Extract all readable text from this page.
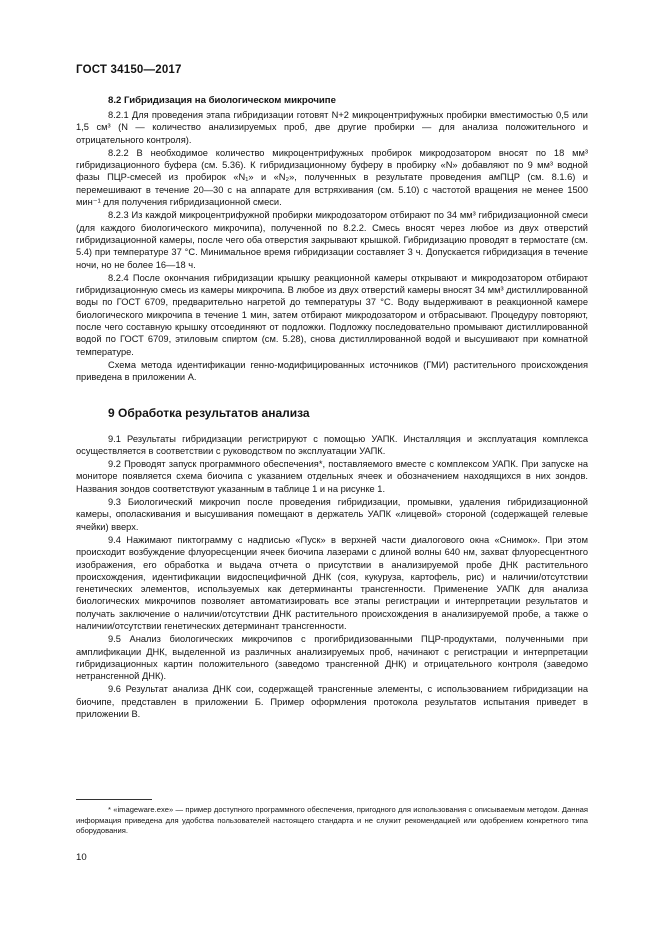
ГОСТ 34150—2017
8.2 Гибридизация на биологическом микрочипе

8.2.1 Для проведения этапа гибридизации готовят N+2 микроцентрифужных пробирки вместимостью 0,5 или 1,5 см³ (N — количество анализируемых проб, две другие пробирки — для анализа положительного и отрицательного контроля).

8.2.2 В необходимое количество микроцентрифужных пробирок микродозатором вносят по 18 мм³ гибридизационного буфера (см. 5.36). К гибридизационному буферу в пробирку «N» добавляют по 9 мм³ водной фазы ПЦР-смесей из пробирок «N₁» и «N₂», полученных в результате проведения амПЦР (см. 8.1.6) и перемешивают в течение 20—30 с на аппарате для встряхивания (см. 5.10) с частотой вращения не менее 1500 мин⁻¹ для получения гибридизационной смеси.

8.2.3 Из каждой микроцентрифужной пробирки микродозатором отбирают по 34 мм³ гибридизационной смеси (для каждого биологического микрочипа), полученной по 8.2.2. Смесь вносят через любое из двух отверстий гибридизационной камеры, после чего оба отверстия закрывают крышкой. Гибридизацию проводят в термостате (см. 5.4) при температуре 37 °С. Минимальное время гибридизации составляет 3 ч. Допускается гибридизация в течение ночи, но не более 16—18 ч.

8.2.4 После окончания гибридизации крышку реакционной камеры открывают и микродозатором отбирают гибридизационную смесь из камеры микрочипа. В любое из двух отверстий камеры вносят 34 мм³ дистиллированной воды по ГОСТ 6709, предварительно нагретой до температуры 37 °С. Воду выдерживают в реакционной камере биологического микрочипа в течение 1 мин, затем отбирают микродозатором и отбрасывают. Процедуру повторяют, после чего составную крышку отсоединяют от подложки. Подложку последовательно промывают дистиллированной водой по ГОСТ 6709, этиловым спиртом (см. 5.28), снова дистиллированной водой и высушивают при комнатной температуре.

Схема метода идентификации генно-модифицированных источников (ГМИ) растительного происхождения приведена в приложении А.

9 Обработка результатов анализа

9.1 Результаты гибридизации регистрируют с помощью УАПК. Инсталляция и эксплуатация комплекса осуществляется в соответствии с руководством по эксплуатации УАПК.

9.2 Проводят запуск программного обеспечения*, поставляемого вместе с комплексом УАПК. При запуске на мониторе появляется схема биочипа с указанием отдельных ячеек и обозначением находящихся в них зондов. Названия зондов соответствуют указанным в таблице 1 и на рисунке 1.

9.3 Биологический микрочип после проведения гибридизации, промывки, удаления гибридизационной камеры, ополаскивания и высушивания помещают в держатель УАПК «лицевой» стороной (содержащей гелевые ячейки) вверх.

9.4 Нажимают пиктограмму с надписью «Пуск» в верхней части диалогового окна «Снимок». При этом происходит возбуждение флуоресценции ячеек биочипа лазерами с длиной волны 640 нм, захват флуоресцентного изображения, его обработка и выдача отчета о присутствии в анализируемой пробе ДНК растительного происхождения, идентификации видоспецифичной ДНК (соя, кукуруза, картофель, рис) и наличии/отсутствии генетических элементов, используемых как детерминанты трансгенности. Применение УАПК для анализа биологических микрочипов позволяет автоматизировать все этапы регистрации и интерпретации результатов и получать заключение о наличии/отсутствии ДНК растительного происхождения в анализируемой пробе, а также о наличии/отсутствии генетических детерминант трансгенности.

9.5 Анализ биологических микрочипов с прогибридизованными ПЦР-продуктами, полученными при амплификации ДНК, выделенной из различных анализируемых проб, начинают с регистрации и интерпретации гибридизационных картин положительного (заведомо трансгенной ДНК) и отрицательного контроля (заведомо нетрансгенной ДНК).

9.6 Результат анализа ДНК сои, содержащей трансгенные элементы, с использованием гибридизации на биочипе, представлен в приложении Б. Пример оформления протокола результатов испытания приведет в приложении В.

* «imageware.exe» — пример доступного программного обеспечения, пригодного для использования с описываемым методом. Данная информация приведена для удобства пользователей настоящего стандарта и не служит рекомендацией или одобрением конкретного типа оборудования.

10
